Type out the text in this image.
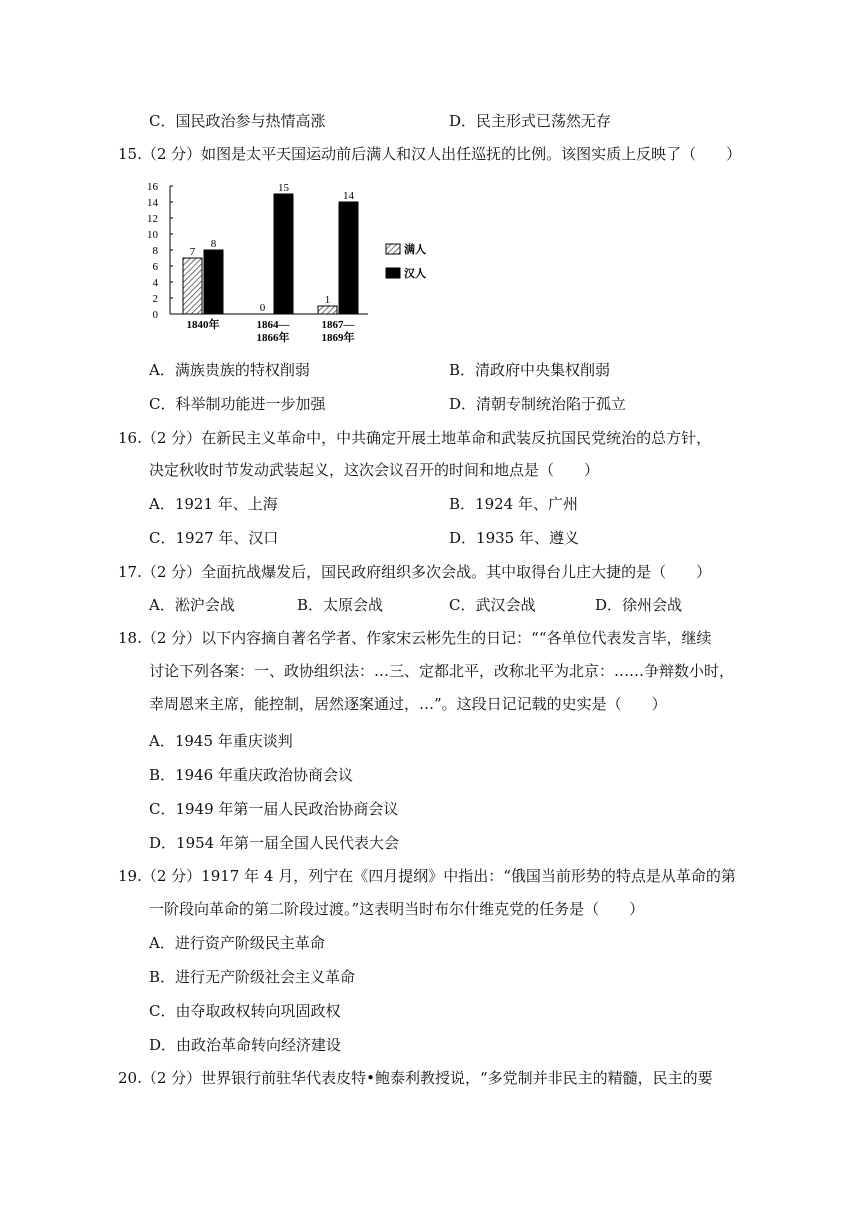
C．国民政治参与热情高涨	D．民主形式已荡然无存
15.（2 分）如图是太平天国运动前后满人和汉人出任巡抚的比例。该图实质上反映了（　　）
0
2
4
6
8
10
12
14
16
7
0
1
8
15
14
1840年	1864—
1866年
1867—
1869年
满人
汉人
A．满族贵族的特权削弱	B．清政府中央集权削弱
C．科举制功能进一步加强	D．清朝专制统治陷于孤立
16.（2 分）在新民主义革命中，中共确定开展土地革命和武装反抗国民党统治的总方针，
决定秋收时节发动武装起义，这次会议召开的时间和地点是（　　）
A．1921 年、上海	B．1924 年、广州
C．1927 年、汉口	D．1935 年、遵义
17.（2 分）全面抗战爆发后，国民政府组织多次会战。其中取得台儿庄大捷的是（　　）
A．淞沪会战	B．太原会战	C．武汉会战	D．徐州会战
18.（2 分）以下内容摘自著名学者、作家宋云彬先生的日记：““各单位代表发言毕，继续
讨论下列各案：一、政协组织法：…三、定都北平，改称北平为北京：……争辩数小时，
幸周恩来主席，能控制，居然逐案通过，…”。这段日记记载的史实是（　　）
A．1945 年重庆谈判
B．1946 年重庆政治协商会议
C．1949 年第一届人民政治协商会议
D．1954 年第一届全国人民代表大会
19.（2 分）1917 年 4 月，列宁在《四月提纲》中指出：“俄国当前形势的特点是从革命的第
一阶段向革命的第二阶段过渡。”这表明当时布尔什维克党的任务是（　　）
A．进行资产阶级民主革命
B．进行无产阶级社会主义革命
C．由夺取政权转向巩固政权
D．由政治革命转向经济建设
20.（2 分）世界银行前驻华代表皮特•鲍泰利教授说，“多党制并非民主的精髓，民主的要
